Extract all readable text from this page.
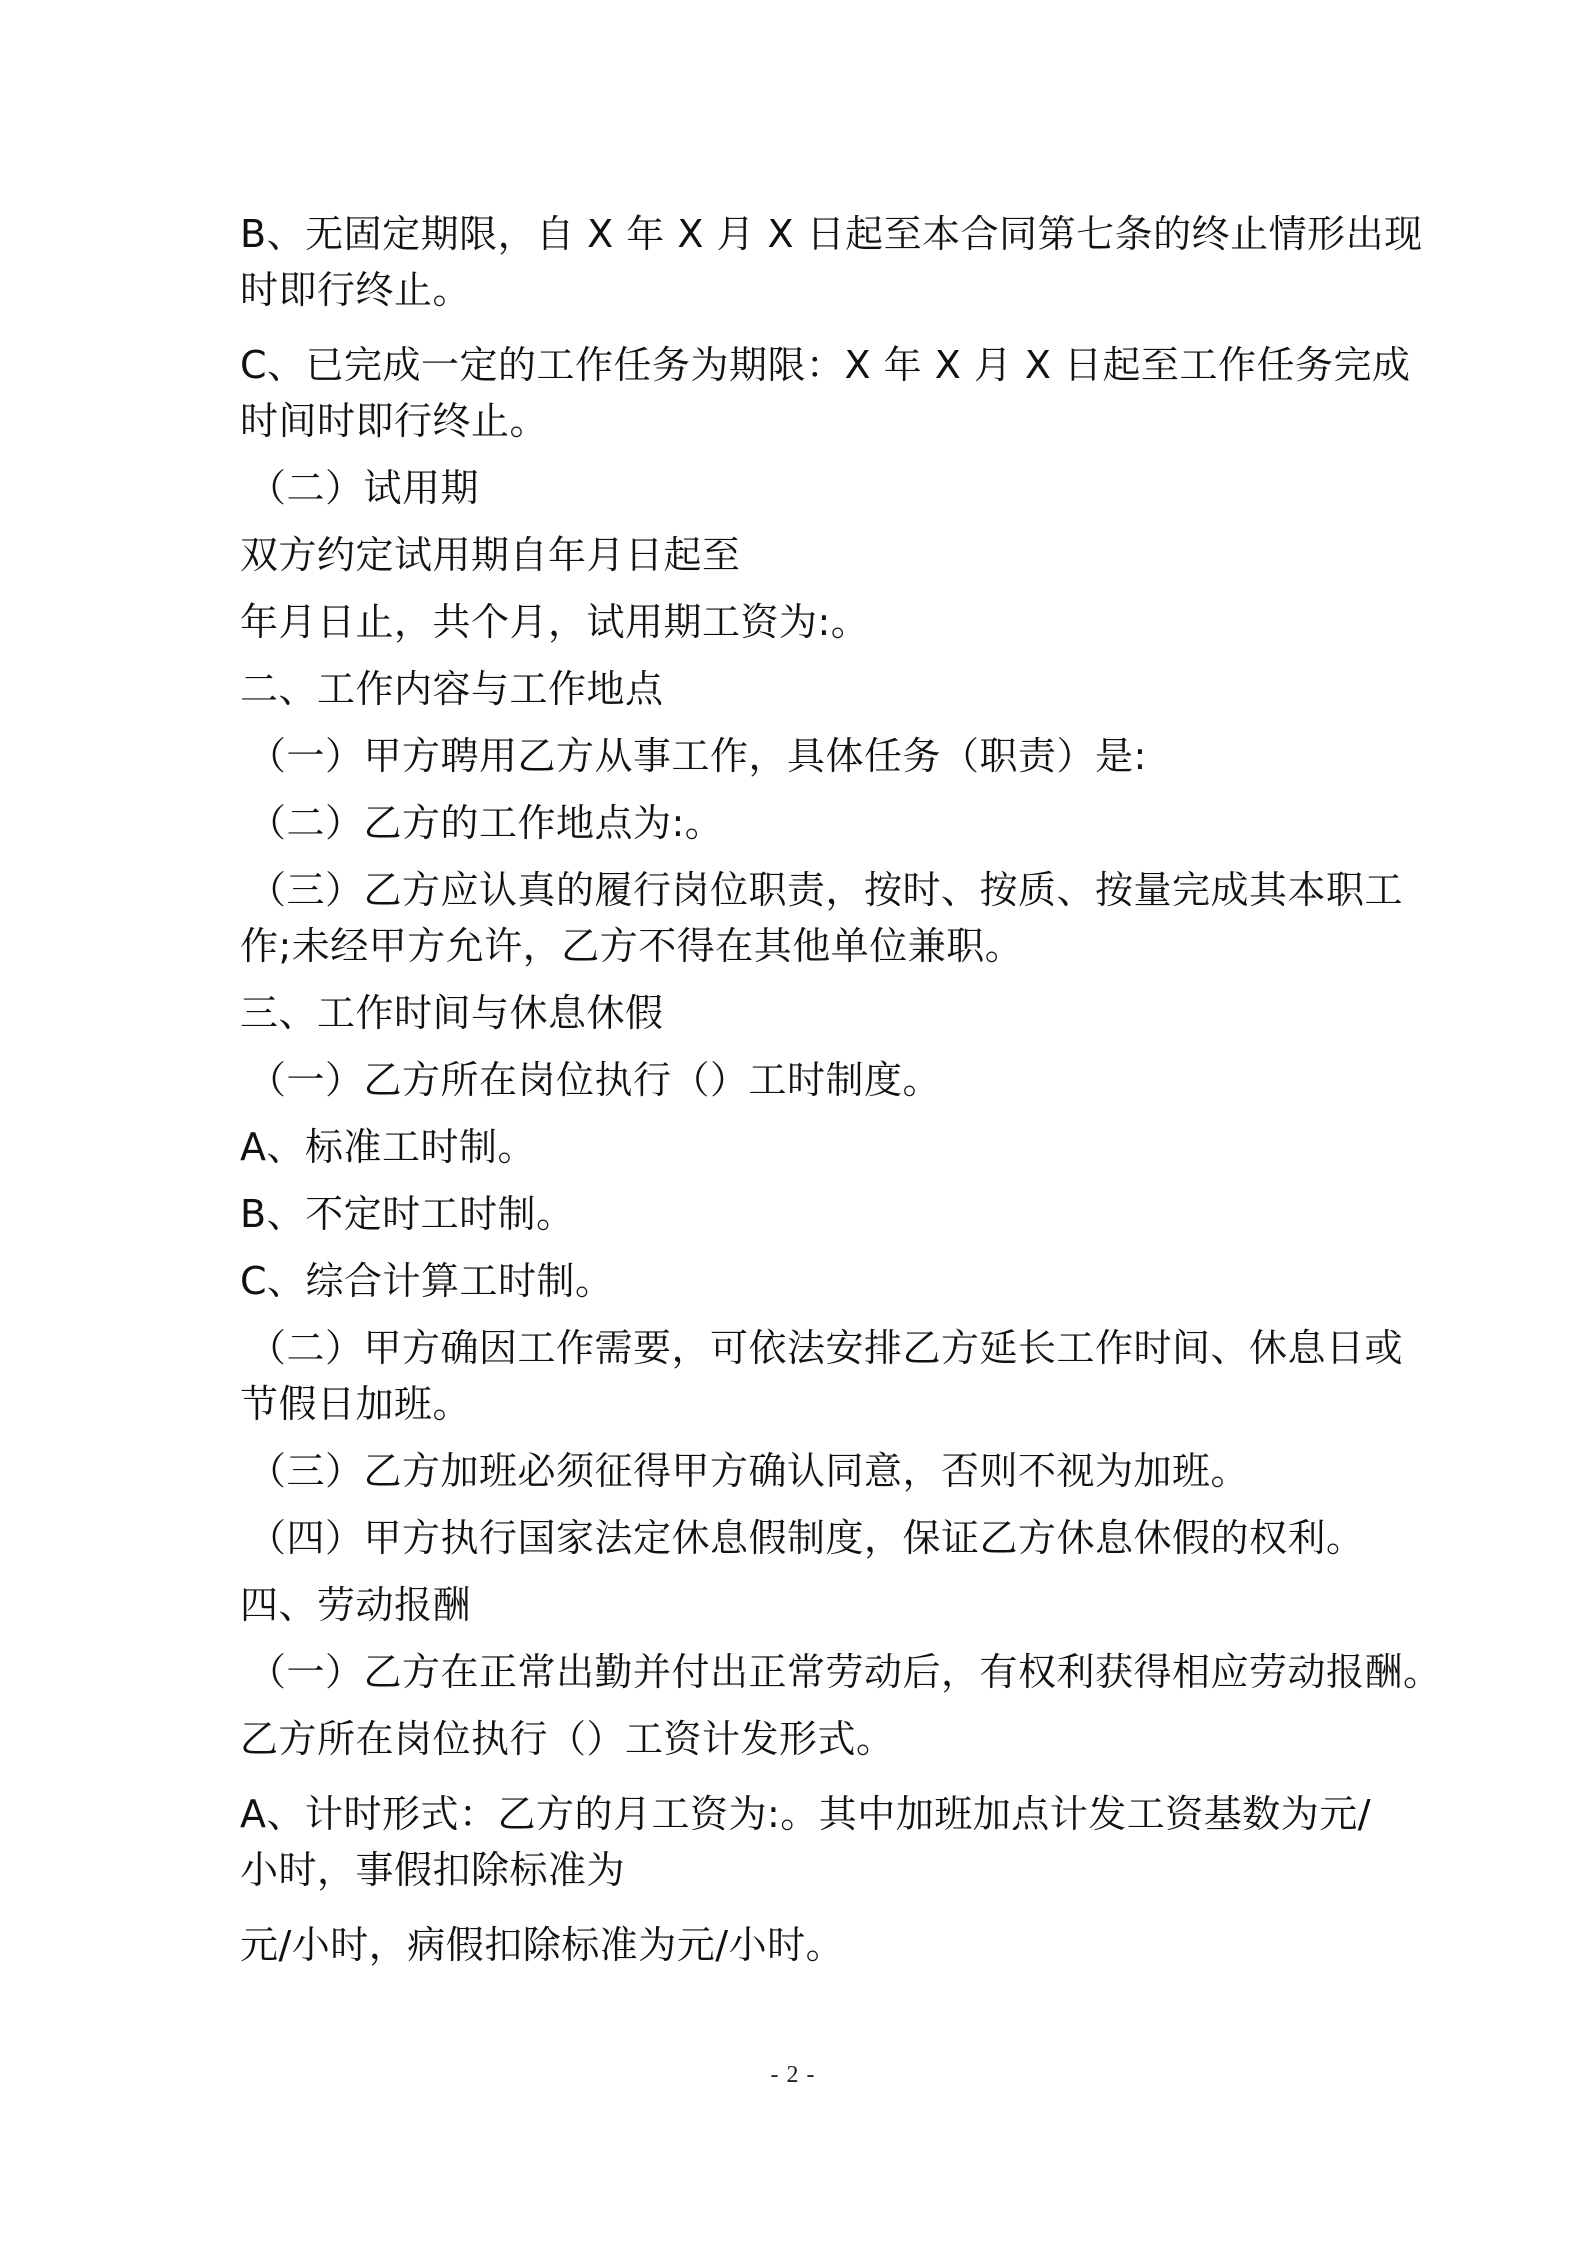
B、无固定期限，自 X 年 X 月 X 日起至本合同第七条的终止情形出现
时即行终止。
C、已完成一定的工作任务为期限：X 年 X 月 X 日起至工作任务完成
时间时即行终止。
（二）试用期
双方约定试用期自年月日起至
年月日止，共个月，试用期工资为:。
二、工作内容与工作地点
（一）甲方聘用乙方从事工作，具体任务（职责）是:
（二）乙方的工作地点为:。
（三）乙方应认真的履行岗位职责，按时、按质、按量完成其本职工
作;未经甲方允许，乙方不得在其他单位兼职。
三、工作时间与休息休假
（一）乙方所在岗位执行（）工时制度。
A、标准工时制。
B、不定时工时制。
C、综合计算工时制。
（二）甲方确因工作需要，可依法安排乙方延长工作时间、休息日或
节假日加班。
（三）乙方加班必须征得甲方确认同意，否则不视为加班。
（四）甲方执行国家法定休息假制度，保证乙方休息休假的权利。
四、劳动报酬
（一）乙方在正常出勤并付出正常劳动后，有权利获得相应劳动报酬。
乙方所在岗位执行（）工资计发形式。
A、计时形式：乙方的月工资为:。其中加班加点计发工资基数为元/
小时，事假扣除标准为
元/小时，病假扣除标准为元/小时。
- 2 -
